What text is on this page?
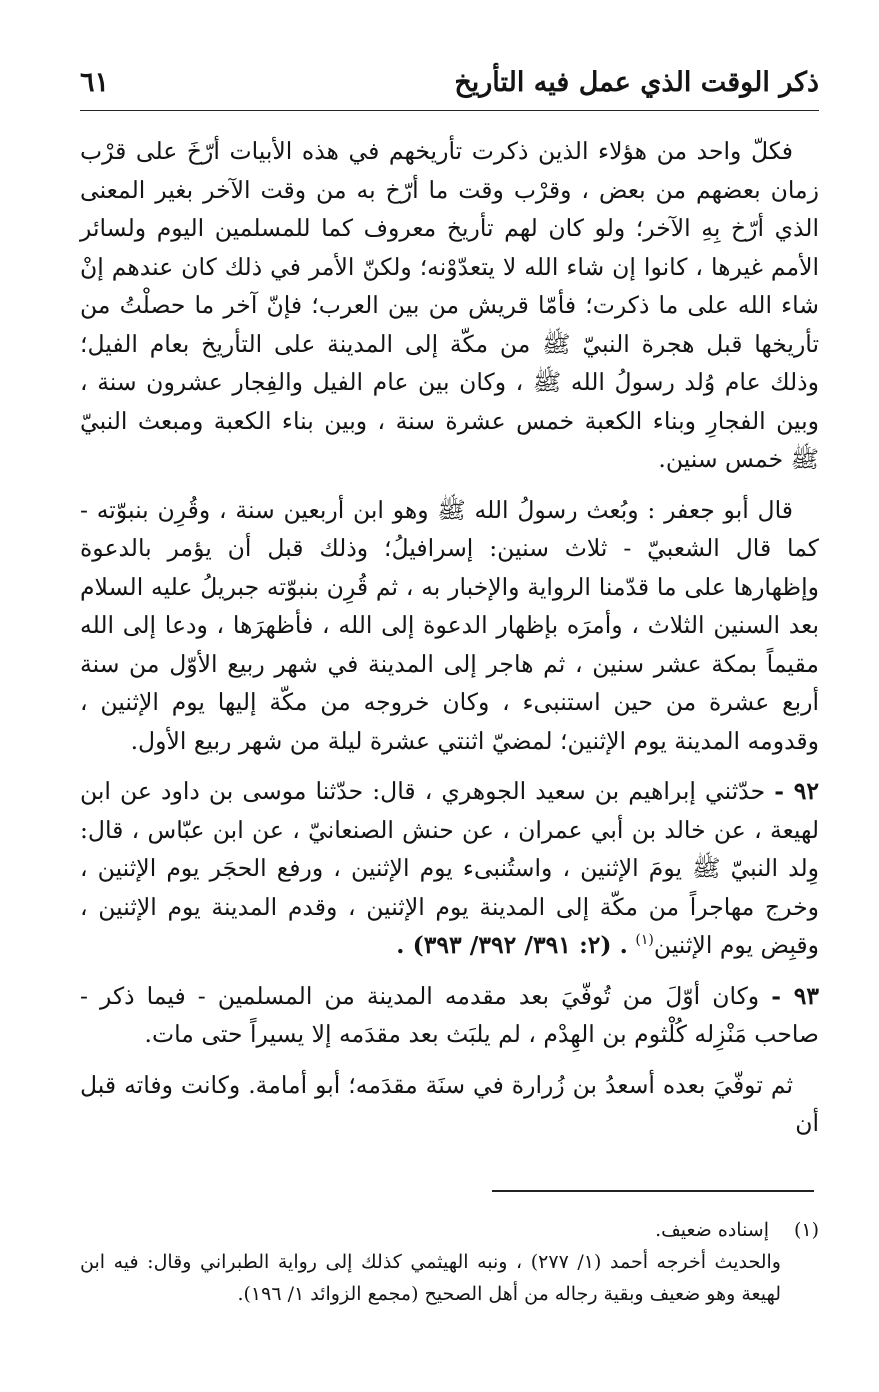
ذكر الوقت الذي عمل فيه التأريخ
٦١

فكلّ واحد من هؤلاء الذين ذكرت تأريخهم في هذه الأبيات أرّخَ على قرْب زمان بعضهم من بعض ، وقرْب وقت ما أرّخ به من وقت الآخر بغير المعنى الذي أرّخ بِهِ الآخر؛ ولو كان لهم تأريخ معروف كما للمسلمين اليوم ولسائر الأمم غيرها ، كانوا إن شاء الله لا يتعدّوْنه؛ ولكنّ الأمر في ذلك كان عندهم إنْ شاء الله على ما ذكرت؛ فأمّا قريش من بين العرب؛ فإنّ آخر ما حصلْتُ من تأريخها قبل هجرة النبيّ ﷺ من مكّة إلى المدينة على التأريخ بعام الفيل؛ وذلك عام وُلد رسولُ الله ﷺ ، وكان بين عام الفيل والفِجار عشرون سنة ، وبين الفجارِ وبناء الكعبة خمس عشرة سنة ، وبين بناء الكعبة ومبعث النبيّ ﷺ خمس سنين.

قال أبو جعفر : وبُعث رسولُ الله ﷺ وهو ابن أربعين سنة ، وقُرِن بنبوّته - كما قال الشعبيّ - ثلاث سنين: إسرافيلُ؛ وذلك قبل أن يؤمر بالدعوة وإظهارها على ما قدّمنا الرواية والإخبار به ، ثم قُرِن بنبوّته جبريلُ عليه السلام بعد السنين الثلاث ، وأمرَه بإظهار الدعوة إلى الله ، فأظهرَها ، ودعا إلى الله مقيماً بمكة عشر سنين ، ثم هاجر إلى المدينة في شهر ربيع الأوّل من سنة أربع عشرة من حين استنبىء ، وكان خروجه من مكّة إليها يوم الإثنين ، وقدومه المدينة يوم الإثنين؛ لمضيّ اثنتي عشرة ليلة من شهر ربيع الأول.

٩٢ - حدّثني إبراهيم بن سعيد الجوهري ، قال: حدّثنا موسى بن داود عن ابن لهيعة ، عن خالد بن أبي عمران ، عن حنش الصنعانيّ ، عن ابن عبّاس ، قال: وِلد النبيّ ﷺ يومَ الإثنين ، واستُنبىء يوم الإثنين ، ورفع الحجَر يوم الإثنين ، وخرج مهاجراً من مكّة إلى المدينة يوم الإثنين ، وقدم المدينة يوم الإثنين ، وقبِض يوم الإثنين$^{(١)}$ . (٢: ٣٩١/ ٣٩٢/ ٣٩٣) .

٩٣ - وكان أوّلَ من تُوفّيَ بعد مقدمه المدينة من المسلمين - فيما ذكر - صاحب مَنْزِله كُلْثوم بن الهِدْم ، لم يلبَث بعد مقدَمه إلا يسيراً حتى مات.

ثم توفّيَ بعده أسعدُ بن زُرارة في سنَة مقدَمه؛ أبو أمامة. وكانت وفاته قبل أن

(١)إسناده ضعيف.

والحديث أخرجه أحمد (١/ ٢٧٧) ، ونبه الهيثمي كذلك إلى رواية الطبراني وقال: فيه ابن لهيعة وهو ضعيف وبقية رجاله من أهل الصحيح (مجمع الزوائد ١/ ١٩٦).
